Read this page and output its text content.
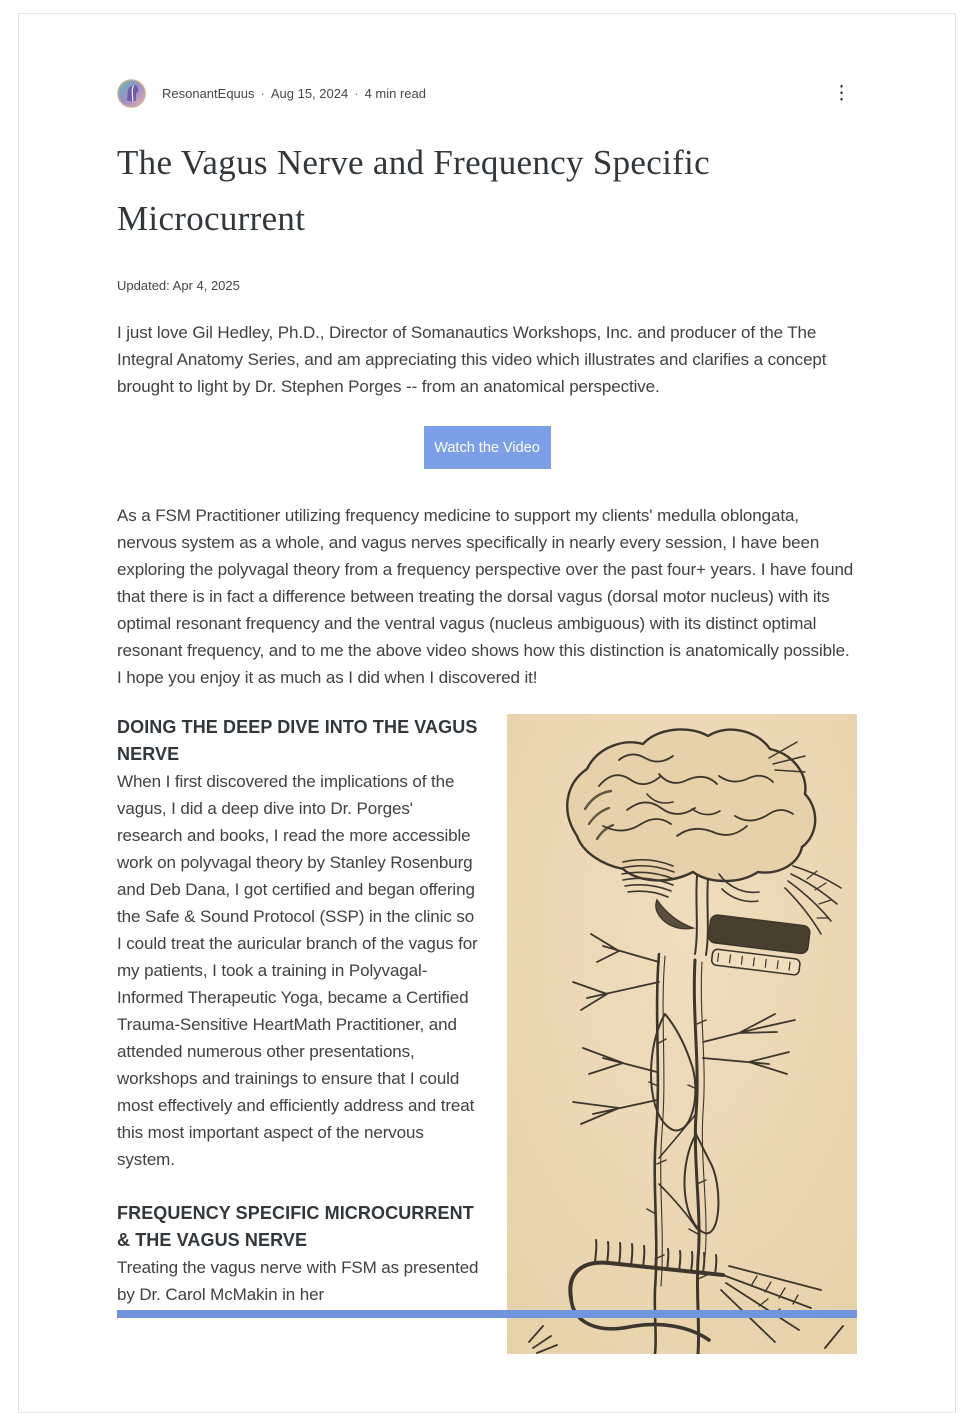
ResonantEquus · Aug 15, 2024 · 4 min read	⋮
The Vagus Nerve and Frequency Specific Microcurrent
Updated: Apr 4, 2025

I just love Gil Hedley, Ph.D., Director of Somanautics Workshops, Inc. and producer of the The Integral Anatomy Series, and am appreciating this video which illustrates and clarifies a concept brought to light by Dr. Stephen Porges -- from an anatomical perspective.

Watch the Video

As a FSM Practitioner utilizing frequency medicine to support my clients' medulla oblongata, nervous system as a whole, and vagus nerves specifically in nearly every session, I have been exploring the polyvagal theory from a frequency perspective over the past four+ years. I have found that there is in fact a difference between treating the dorsal vagus (dorsal motor nucleus) with its optimal resonant frequency and the ventral vagus (nucleus ambiguous) with its distinct optimal resonant frequency, and to me the above video shows how this distinction is anatomically possible. I hope you enjoy it as much as I did when I discovered it!

DOING THE DEEP DIVE INTO THE VAGUS NERVE

When I first discovered the implications of the vagus, I did a deep dive into Dr. Porges' research and books, I read the more accessible work on polyvagal theory by Stanley Rosenburg and Deb Dana, I got certified and began offering the Safe & Sound Protocol (SSP) in the clinic so I could treat the auricular branch of the vagus for my patients, I took a training in Polyvagal-Informed Therapeutic Yoga, became a Certified Trauma-Sensitive HeartMath Practitioner, and attended numerous other presentations, workshops and trainings to ensure that I could most effectively and efficiently address and treat this most important aspect of the nervous system.

FREQUENCY SPECIFIC MICROCURRENT & THE VAGUS NERVE

Treating the vagus nerve with FSM as presented by Dr. Carol McMakin in her
